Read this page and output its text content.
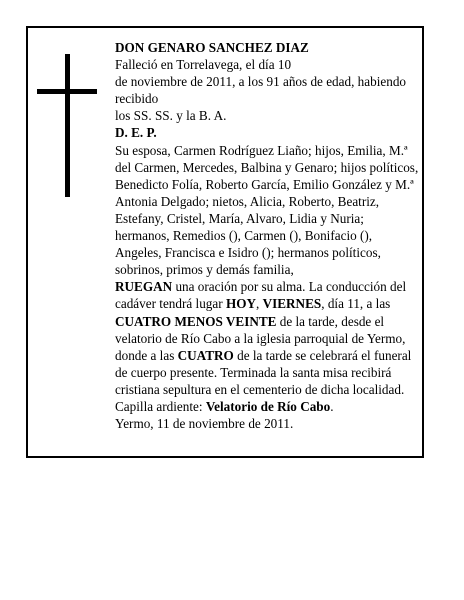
DON GENARO SANCHEZ DIAZ

Falleció en Torrelavega, el día 10

de noviembre de 2011, a los 91 años de edad, habiendo recibido

los SS. SS. y la B. A.

D. E. P.

Su esposa, Carmen Rodríguez Liaño; hijos, Emilia, M.ª del Carmen, Mercedes, Balbina y Genaro; hijos políticos, Benedicto Folía, Roberto García, Emilio González y M.ª Antonia Delgado; nietos, Alicia, Roberto, Beatriz, Estefany, Cristel, María, Alvaro, Lidia y Nuria; hermanos, Remedios (), Carmen (), Bonifacio (), Angeles, Francisca e Isidro (); hermanos políticos, sobrinos, primos y demás familia,

RUEGAN una oración por su alma. La conducción del cadáver tendrá lugar HOY, VIERNES, día 11, a las CUATRO MENOS VEINTE de la tarde, desde el velatorio de Río Cabo a la iglesia parroquial de Yermo, donde a las CUATRO de la tarde se celebrará el funeral de cuerpo presente. Terminada la santa misa recibirá cristiana sepultura en el cementerio de dicha localidad.

Capilla ardiente: Velatorio de Río Cabo.

Yermo, 11 de noviembre de 2011.
